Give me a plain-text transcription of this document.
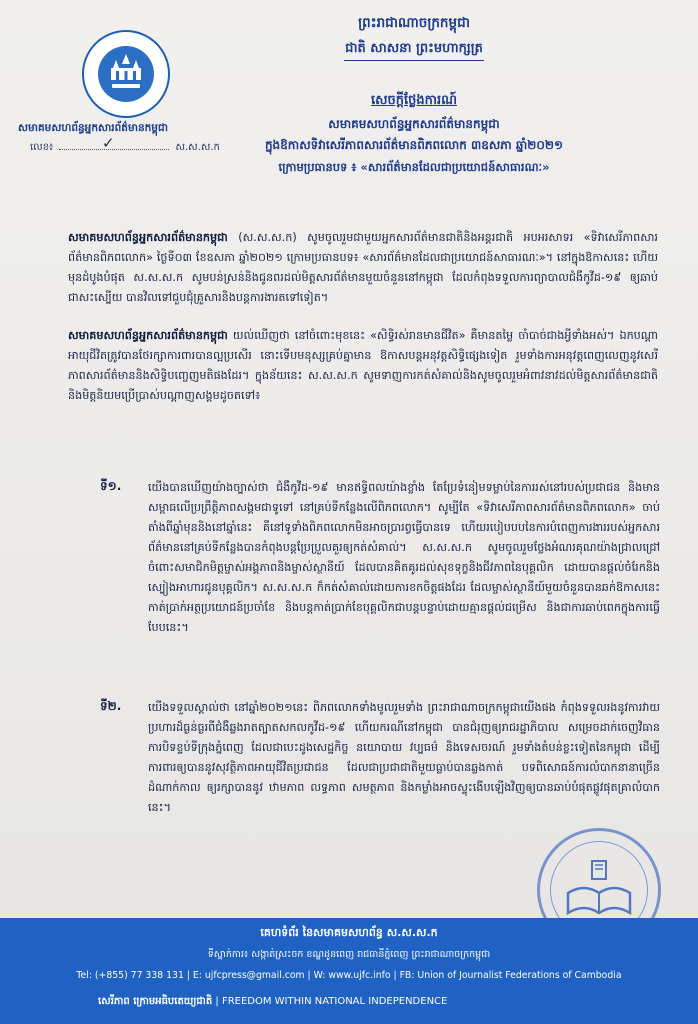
សមាគមសហព័ន្ធអ្នកសារព័ត៌មានកម្ពុជា
លេខ៖	ស.ស.ស.ក
✓
ព្រះរាជាណាចក្រកម្ពុជា
ជាតិ សាសនា ព្រះមហាក្សត្រ
សេចក្តីថ្លែងការណ៍
សមាគមសហព័ន្ធអ្នកសារព័ត៌មានកម្ពុជា
ក្នុងឱកាសទិវាសេរីភាពសារព័ត៌មានពិភពលោក ៣ឧសភា ឆ្នាំ២០២១
ក្រោមប្រធានបទ ៖ «សារព័ត៌មានដែលជាប្រយោជន៍សាធារណៈ»
សមាគមសហព័ន្ធអ្នកសារព័ត៌មានកម្ពុជា (ស.ស.ស.ក) សូមចូលរួមជាមួយអ្នកសារព័ត៌មានជាតិនិងអន្តរជាតិ អបអរសាទរ «ទិវាសេរីភាពសារព័ត៌មានពិភពលោក» ថ្ងៃទី០៣ ខែឧសភា ឆ្នាំ២០២១ ក្រោមប្រធានបទ៖ «សារព័ត៌មានដែលជាប្រយោជន៍សាធារណៈ»។ នៅក្នុងឱកាសនេះ ហើយមុនដំបូងបំផុត ស.ស.ស.ក សូមបន់ស្រន់និងជូនពរដល់មិត្តសារព័ត៌មានមួយចំនួននៅកម្ពុជា ដែលកំពុងទទួលការព្យាបាលជំងឺកូវីដ-១៩ ឲ្យឆាប់ជាសះស្បើយ បានវិលទៅជួបជុំគ្រួសារនិងបន្តការងារតទៅទៀត។
សមាគមសហព័ន្ធអ្នកសារព័ត៌មានកម្ពុជា យល់ឃើញថា នៅចំពោះមុខនេះ «សិទ្ធិរស់រានមានជីវិត» គឺមានតម្លៃ ចាំបាច់ជាងអ្វីទាំងអស់។ ឯកបណ្តាអាយុជីវិតត្រូវបានថែរក្សាការពារបានល្អប្រសើរ នោះទើបមនុស្សគ្រប់គ្នាមាន ឱកាសបន្តអនុវត្តសិទ្ធិផ្សេងទៀត រួមទាំងការអនុវត្តពេញលេញនូវសេរីភាពសារព័ត៌មាននិងសិទ្ធិបញ្ចេញមតិផងដែរ។ ក្នុងន័យនេះ ស.ស.ស.ក សូមទាញការកត់សំគាល់និងសូមចូលរួមអំពាវនាវដល់មិត្តសារព័ត៌មានជាតិនិងមិត្តនិយមប្រើប្រាស់បណ្តាញសង្គមដូចតទៅ៖
ទី១. យើងបានឃើញយ៉ាងច្បាស់ថា ជំងឺកូវីដ-១៩ មានឥទ្ធិពលយ៉ាងខ្លាំង តែប្រែទំនៀមទម្លាប់នៃការរស់នៅរបស់ប្រជាជន និងមានសម្ពាធលើប្រព្រឹត្តិភាពសង្គមជាទូទៅ នៅគ្រប់ទីកន្លែងលើពិភពលោក។ សូម្បីតែ «ទិវាសេរីភាពសារព័ត៌មានពិភពលោក» ចាប់តាំងពីឆ្នាំមុននិងនៅឆ្នាំនេះ គឺនៅទូទាំងពិភពលោកមិនអាចប្រារព្វធ្វើបានទេ ហើយរបៀបបបនៃការបំពេញការងាររបស់អ្នកសារព័ត៌មាននៅគ្រប់ទីកន្លែងបានកំពុងបន្តប្រែប្រួលគួរឲ្យកត់សំគាល់។ ស.ស.ស.ក សូមចូលរួមថ្លែងអំណរគុណយ៉ាងជ្រាលជ្រៅចំពោះសមាជិកមិត្តម្ចាស់អង្គភាពនិងម្ចាស់ស្ថានីយ៍ ដែលបានគិតគូរដល់សុខទុក្ខនិងជីវភាពនៃបុគ្គលិក ដោយបានផ្តល់ចំរែកនិងស្បៀងអាហារជូនបុគ្គលិក។ ស.ស.ស.ក ក៏កត់សំគាល់ដោយការខកចិត្តផងដែរ ដែលម្ចាស់ស្ថានីយ៍មួយចំនួនបានឆក់ឱកាសនេះកាត់ប្រាក់អត្ថប្រយោជន៍ប្រចាំខែ និងបន្តកាត់ប្រាក់ខែបុគ្គលិកជាបន្តបន្ទាប់ដោយគ្មានផ្តល់ជម្រើស និងជាការឆាប់ពេកក្នុងការធ្វើបែបនេះ។
ទី២. យើងទទួលស្គាល់ថា នៅឆ្នាំ២០២១នេះ ពិភពលោកទាំងមូលរួមទាំង ព្រះរាជាណាចក្រកម្ពុជាយើងផង កំពុងទទួលរងនូវការវាយប្រហារដ៏ធ្ងន់ធ្ងរពីជំងឺឆ្លងរាតត្បាតសកលកូវីដ-១៩ ហើយករណីនៅកម្ពុជា បានជំរុញឲ្យរាជរដ្ឋាភិបាល សម្រេចដាក់ចេញវិធានការបិទខ្ទប់ទីក្រុងភ្នំពេញ ដែលជាបេះដូងសេដ្ឋកិច្ច នយោបាយ វប្បធម៌ និងទេសចរណ៍ រួមទាំងតំបន់ខ្លះទៀតនៃកម្ពុជា ដើម្បីការពារឲ្យបាននូវសុវត្ថិភាពអាយុជីវិតប្រជាជន ដែលជាប្រជាជាតិមួយធ្លាប់បានឆ្លងកាត់ បទពិសោធន៍ការលំបាកនានាច្រើនដំណាក់កាល ឲ្យរក្សាបាននូវ ឋាមភាព លទ្ធភាព សមត្ថភាព និងកម្លាំងអាចស្ទុះងើបឡើងវិញឲ្យបានឆាប់បំផុតផ្លូវផុតគ្រាលំបាកនេះ។
គេហទំព័រ នៃសមាគមសហព័ន្ធ ស.ស.ស.ក
ទីស្នាក់ការ៖ សង្កាត់ស្រះចក ខណ្ឌដូនពេញ រាជធានីភ្នំពេញ ព្រះរាជាណាចក្រកម្ពុជា
Tel: (+855) 77 338 131 | E: ujfcpress@gmail.com | W: www.ujfc.info | FB: Union of Journalist Federations of Cambodia
សេរីភាព ក្រោមអធិបតេយ្យជាតិ | FREEDOM WITHIN NATIONAL INDEPENDENCE
